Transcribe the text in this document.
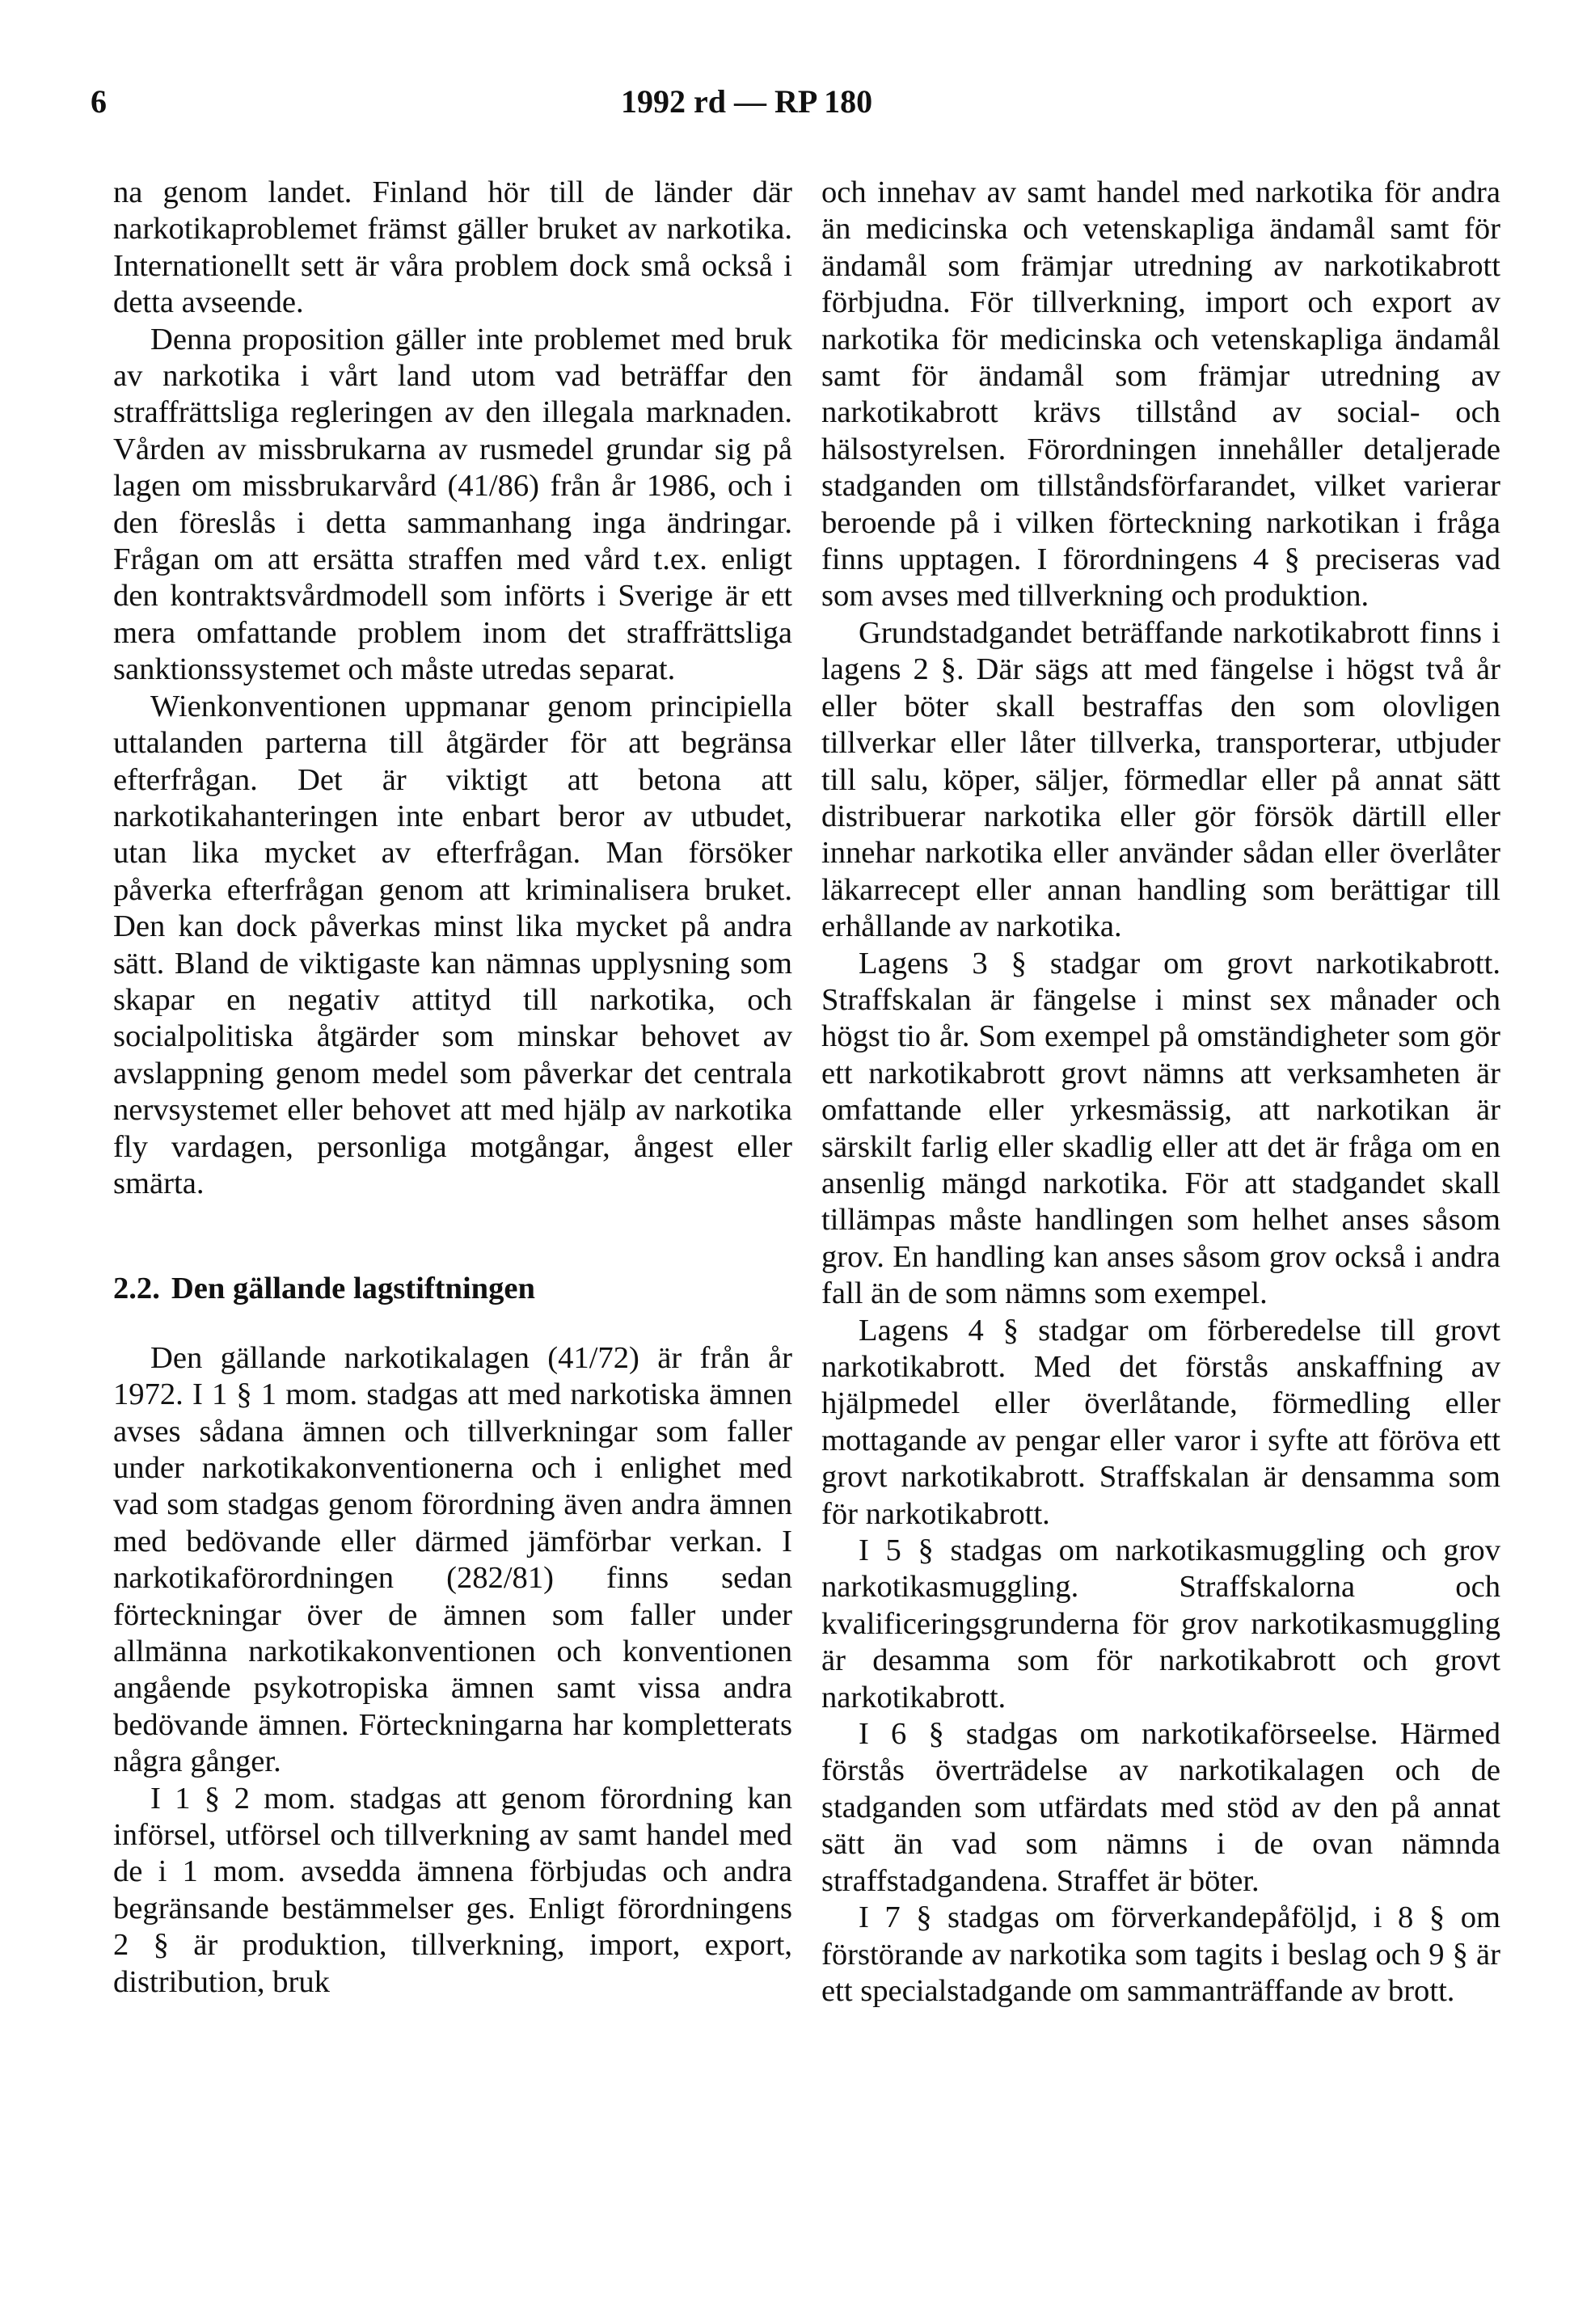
6	1992 rd — RP 180

na genom landet. Finland hör till de länder där narkotikaproblemet främst gäller bruket av narkotika. Internationellt sett är våra problem dock små också i detta avseende.

Denna proposition gäller inte problemet med bruk av narkotika i vårt land utom vad beträffar den straffrättsliga regleringen av den illegala marknaden. Vården av missbrukarna av rusmedel grundar sig på lagen om missbrukarvård (41/86) från år 1986, och i den föreslås i detta sammanhang inga ändringar. Frågan om att ersätta straffen med vård t.ex. enligt den kontraktsvårdmodell som införts i Sverige är ett mera omfattande problem inom det straffrättsliga sanktionssystemet och måste utredas separat.

Wienkonventionen uppmanar genom principiella uttalanden parterna till åtgärder för att begränsa efterfrågan. Det är viktigt att betona att narkotikahanteringen inte enbart beror av utbudet, utan lika mycket av efterfrågan. Man försöker påverka efterfrågan genom att kriminalisera bruket. Den kan dock påverkas minst lika mycket på andra sätt. Bland de viktigaste kan nämnas upplysning som skapar en negativ attityd till narkotika, och socialpolitiska åtgärder som minskar behovet av avslappning genom medel som påverkar det centrala nervsystemet eller behovet att med hjälp av narkotika fly vardagen, personliga motgångar, ångest eller smärta.

2.2. Den gällande lagstiftningen

Den gällande narkotikalagen (41/72) är från år 1972. I 1 § 1 mom. stadgas att med narkotiska ämnen avses sådana ämnen och tillverkningar som faller under narkotikakonventionerna och i enlighet med vad som stadgas genom förordning även andra ämnen med bedövande eller därmed jämförbar verkan. I narkotikaförordningen (282/81) finns sedan förteckningar över de ämnen som faller under allmänna narkotikakonventionen och konventionen angående psykotropiska ämnen samt vissa andra bedövande ämnen. Förteckningarna har kompletterats några gånger.

I 1 § 2 mom. stadgas att genom förordning kan införsel, utförsel och tillverkning av samt handel med de i 1 mom. avsedda ämnena förbjudas och andra begränsande bestämmelser ges. Enligt förordningens 2 § är produktion, tillverkning, import, export, distribution, bruk

och innehav av samt handel med narkotika för andra än medicinska och vetenskapliga ändamål samt för ändamål som främjar utredning av narkotikabrott förbjudna. För tillverkning, import och export av narkotika för medicinska och vetenskapliga ändamål samt för ändamål som främjar utredning av narkotikabrott krävs tillstånd av social- och hälsostyrelsen. Förordningen innehåller detaljerade stadganden om tillståndsförfarandet, vilket varierar beroende på i vilken förteckning narkotikan i fråga finns upptagen. I förordningens 4 § preciseras vad som avses med tillverkning och produktion.

Grundstadgandet beträffande narkotikabrott finns i lagens 2 §. Där sägs att med fängelse i högst två år eller böter skall bestraffas den som olovligen tillverkar eller låter tillverka, transporterar, utbjuder till salu, köper, säljer, förmedlar eller på annat sätt distribuerar narkotika eller gör försök därtill eller innehar narkotika eller använder sådan eller överlåter läkarrecept eller annan handling som berättigar till erhållande av narkotika.

Lagens 3 § stadgar om grovt narkotikabrott. Straffskalan är fängelse i minst sex månader och högst tio år. Som exempel på omständigheter som gör ett narkotikabrott grovt nämns att verksamheten är omfattande eller yrkesmässig, att narkotikan är särskilt farlig eller skadlig eller att det är fråga om en ansenlig mängd narkotika. För att stadgandet skall tillämpas måste handlingen som helhet anses såsom grov. En handling kan anses såsom grov också i andra fall än de som nämns som exempel.

Lagens 4 § stadgar om förberedelse till grovt narkotikabrott. Med det förstås anskaffning av hjälpmedel eller överlåtande, förmedling eller mottagande av pengar eller varor i syfte att föröva ett grovt narkotikabrott. Straffskalan är densamma som för narkotikabrott.

I 5 § stadgas om narkotikasmuggling och grov narkotikasmuggling. Straffskalorna och kvalificeringsgrunderna för grov narkotikasmuggling är desamma som för narkotikabrott och grovt narkotikabrott.

I 6 § stadgas om narkotikaförseelse. Härmed förstås överträdelse av narkotikalagen och de stadganden som utfärdats med stöd av den på annat sätt än vad som nämns i de ovan nämnda straffstadgandena. Straffet är böter.

I 7 § stadgas om förverkandepåföljd, i 8 § om förstörande av narkotika som tagits i beslag och 9 § är ett specialstadgande om sammanträffande av brott.
